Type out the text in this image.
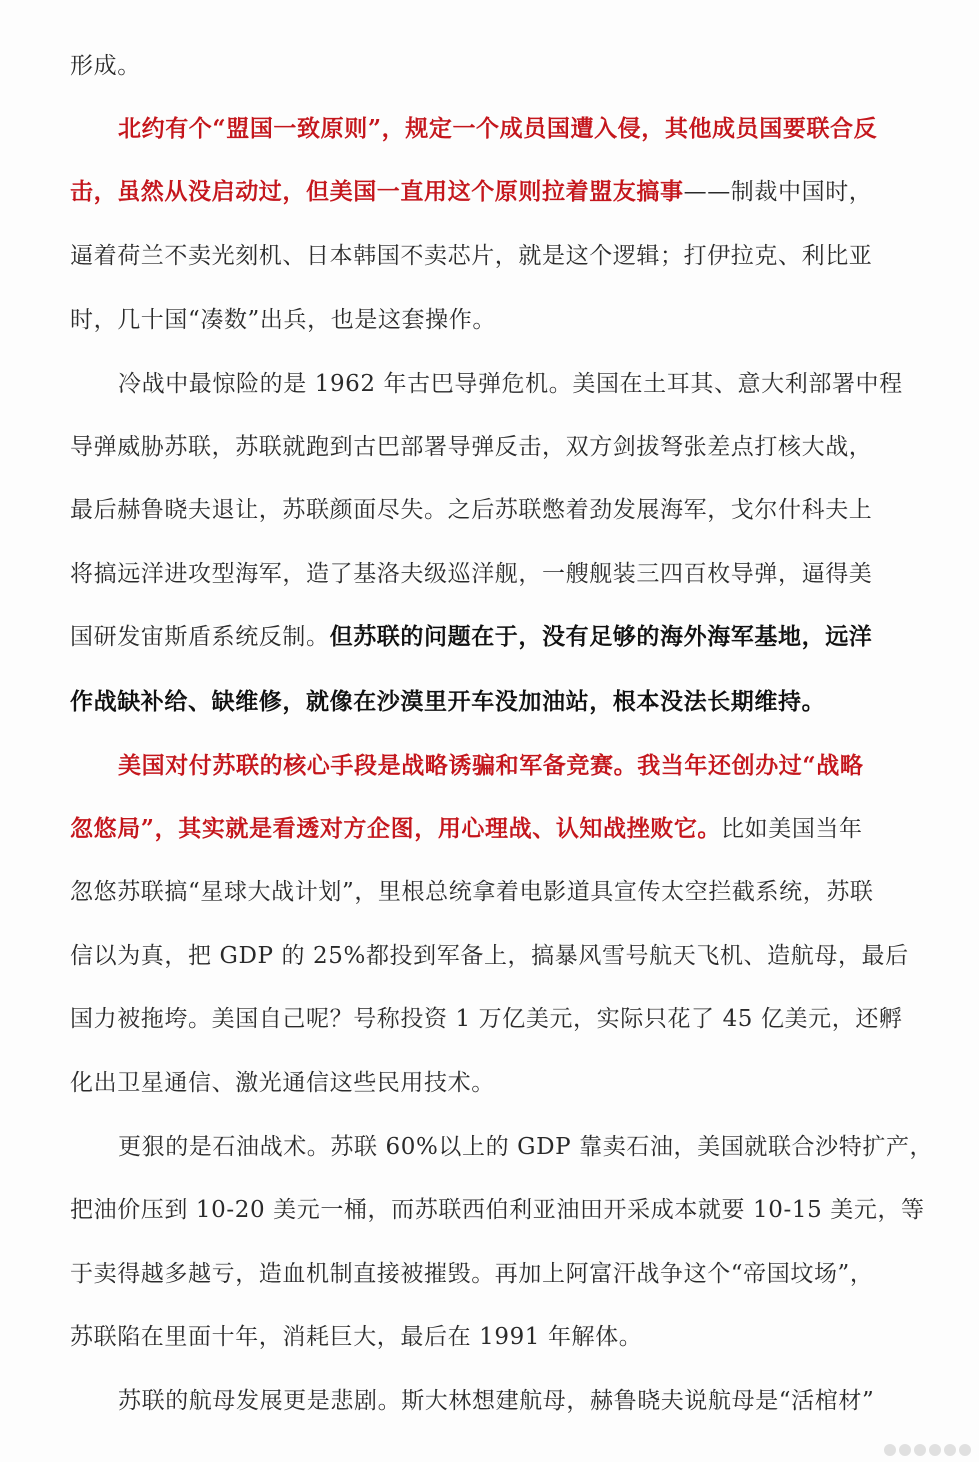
形成。
北约有个“盟国一致原则”，规定一个成员国遭入侵，其他成员国要联合反
击，虽然从没启动过，但美国一直用这个原则拉着盟友搞事——制裁中国时，
逼着荷兰不卖光刻机、日本韩国不卖芯片，就是这个逻辑；打伊拉克、利比亚
时，几十国“凑数”出兵，也是这套操作。
冷战中最惊险的是 1962 年古巴导弹危机。美国在土耳其、意大利部署中程
导弹威胁苏联，苏联就跑到古巴部署导弹反击，双方剑拔弩张差点打核大战，
最后赫鲁晓夫退让，苏联颜面尽失。之后苏联憋着劲发展海军，戈尔什科夫上
将搞远洋进攻型海军，造了基洛夫级巡洋舰，一艘舰装三四百枚导弹，逼得美
国研发宙斯盾系统反制。但苏联的问题在于，没有足够的海外海军基地，远洋
作战缺补给、缺维修，就像在沙漠里开车没加油站，根本没法长期维持。
美国对付苏联的核心手段是战略诱骗和军备竞赛。我当年还创办过“战略
忽悠局”，其实就是看透对方企图，用心理战、认知战挫败它。比如美国当年
忽悠苏联搞“星球大战计划”，里根总统拿着电影道具宣传太空拦截系统，苏联
信以为真，把 GDP 的 25%都投到军备上，搞暴风雪号航天飞机、造航母，最后
国力被拖垮。美国自己呢？号称投资 1 万亿美元，实际只花了 45 亿美元，还孵
化出卫星通信、激光通信这些民用技术。
更狠的是石油战术。苏联 60%以上的 GDP 靠卖石油，美国就联合沙特扩产，
把油价压到 10-20 美元一桶，而苏联西伯利亚油田开采成本就要 10-15 美元，等
于卖得越多越亏，造血机制直接被摧毁。再加上阿富汗战争这个“帝国坟场”，
苏联陷在里面十年，消耗巨大，最后在 1991 年解体。
苏联的航母发展更是悲剧。斯大林想建航母，赫鲁晓夫说航母是“活棺材”
